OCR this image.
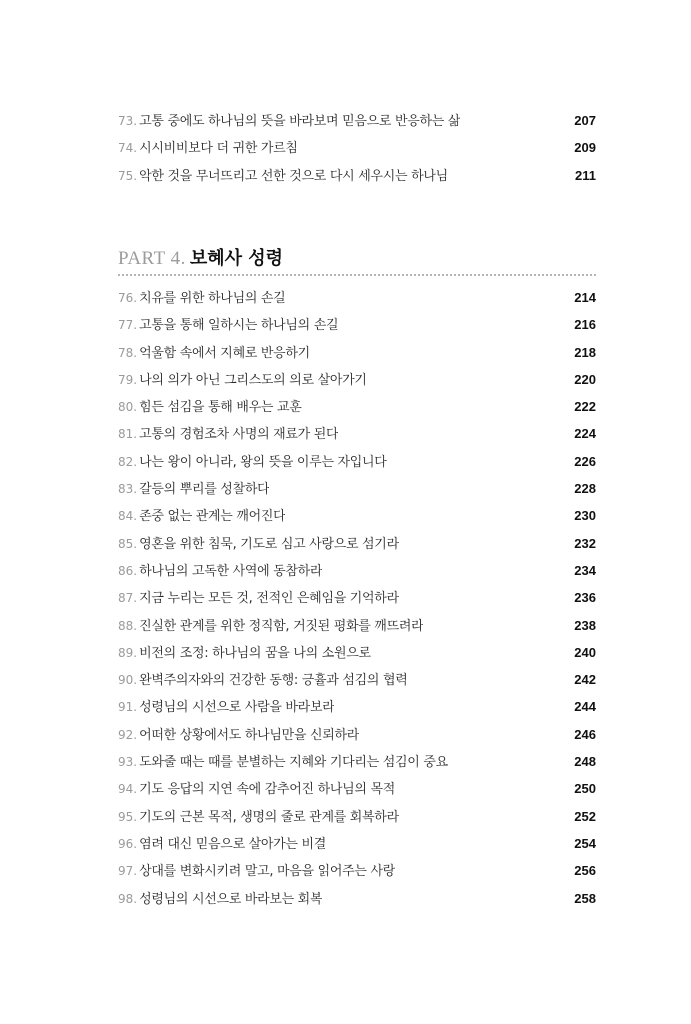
73. 고통 중에도 하나님의 뜻을 바라보며 믿음으로 반응하는 삶	207
74. 시시비비보다 더 귀한 가르침	209
75. 악한 것을 무너뜨리고 선한 것으로 다시 세우시는 하나님	211
PART 4. 보혜사 성령
76. 치유를 위한 하나님의 손길	214
77. 고통을 통해 일하시는 하나님의 손길	216
78. 억울함 속에서 지혜로 반응하기	218
79. 나의 의가 아닌 그리스도의 의로 살아가기	220
80. 힘든 섬김을 통해 배우는 교훈	222
81. 고통의 경험조차 사명의 재료가 된다	224
82. 나는 왕이 아니라, 왕의 뜻을 이루는 자입니다	226
83. 갈등의 뿌리를 성찰하다	228
84. 존중 없는 관계는 깨어진다	230
85. 영혼을 위한 침묵, 기도로 심고 사랑으로 섬기라	232
86. 하나님의 고독한 사역에 동참하라	234
87. 지금 누리는 모든 것, 전적인 은혜임을 기억하라	236
88. 진실한 관계를 위한 정직함, 거짓된 평화를 깨뜨려라	238
89. 비전의 조정: 하나님의 꿈을 나의 소원으로	240
90. 완벽주의자와의 건강한 동행: 긍휼과 섬김의 협력	242
91. 성령님의 시선으로 사람을 바라보라	244
92. 어떠한 상황에서도 하나님만을 신뢰하라	246
93. 도와줄 때는 때를 분별하는 지혜와 기다리는 섬김이 중요	248
94. 기도 응답의 지연 속에 감추어진 하나님의 목적	250
95. 기도의 근본 목적, 생명의 줄로 관계를 회복하라	252
96. 염려 대신 믿음으로 살아가는 비결	254
97. 상대를 변화시키려 말고, 마음을 읽어주는 사랑	256
98. 성령님의 시선으로 바라보는 회복	258
